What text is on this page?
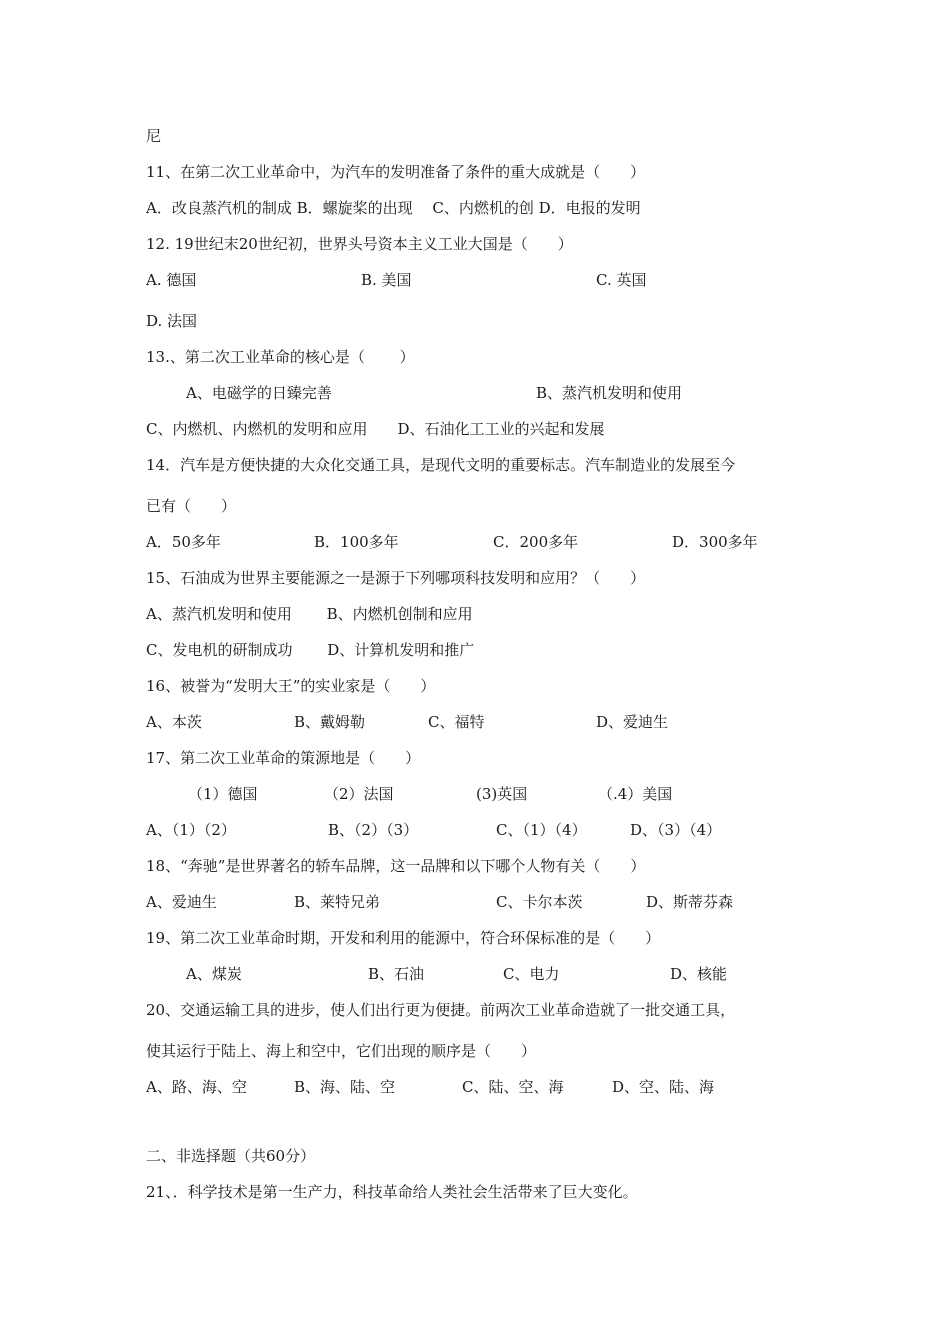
尼
11、在第二次工业革命中，为汽车的发明准备了条件的重大成就是（　　）
A．改良蒸汽机的制成 B．螺旋桨的出现　 C、内燃机的创 D．电报的发明
12. 19世纪末20世纪初，世界头号资本主义工业大国是（　　）
A. 德国	B. 美国	C. 英国
D. 法国
13.、第二次工业革命的核心是（　　 ）
A、电磁学的日臻完善	B、蒸汽机发明和使用
C、内燃机、内燃机的发明和应用　　D、石油化工工业的兴起和发展
14．汽车是方便快捷的大众化交通工具，是现代文明的重要标志。汽车制造业的发展至今
已有（　　）
A．50多年	B．100多年	C．200多年	D．300多年
15、石油成为世界主要能源之一是源于下列哪项科技发明和应用？（　　）
A、蒸汽机发明和使用　　 B、内燃机创制和应用
C、发电机的研制成功　　 D、计算机发明和推广
16、被誉为“发明大王”的实业家是（　　）
A、本茨	B、戴姆勒	C、福特	D、爱迪生
17、第二次工业革命的策源地是（　　）
（1）德国	（2）法国	(3)英国	（.4）美国
A、（1）（2）	B、（2）（3）	C、（1）（4）	D、（3）（4）
18、“奔驰”是世界著名的轿车品牌，这一品牌和以下哪个人物有关（　　）
A、爱迪生	B、莱特兄弟	C、卡尔本茨	D、斯蒂芬森
19、第二次工业革命时期，开发和利用的能源中，符合环保标准的是（　　）
A、煤炭	B、石油	C、电力	D、核能
20、交通运输工具的进步，使人们出行更为便捷。前两次工业革命造就了一批交通工具，
使其运行于陆上、海上和空中，它们出现的顺序是（　　）
A、路、海、空	B、海、陆、空	C、陆、空、海	D、空、陆、海
二、非选择题（共60分）
21、．科学技术是第一生产力，科技革命给人类社会生活带来了巨大变化。
